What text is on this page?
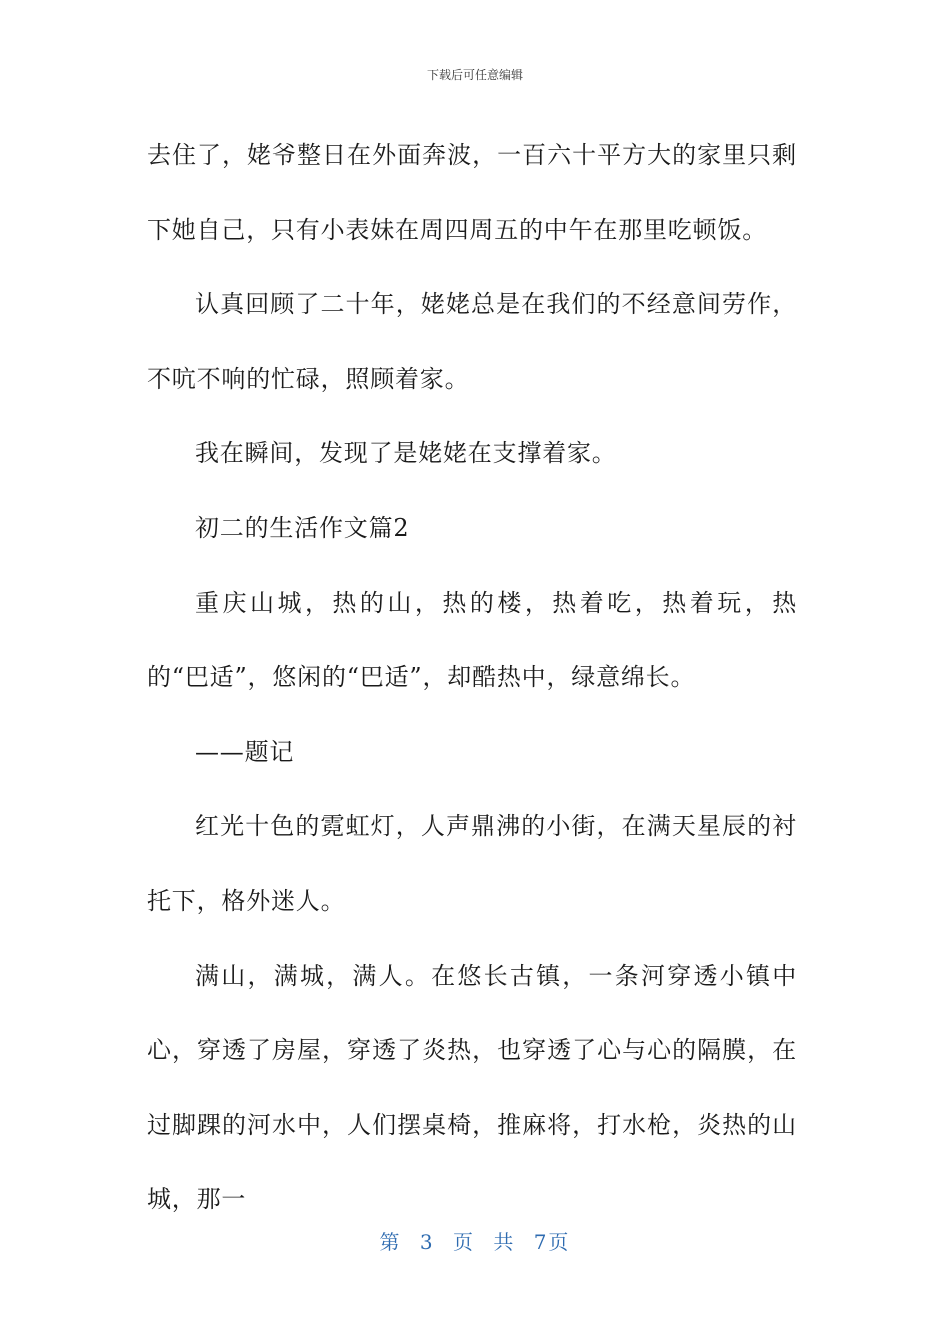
下载后可任意编辑

去住了，姥爷整日在外面奔波，一百六十平方大的家里只剩下她自己，只有小表妹在周四周五的中午在那里吃顿饭。

认真回顾了二十年，姥姥总是在我们的不经意间劳作，不吭不响的忙碌，照顾着家。

我在瞬间，发现了是姥姥在支撑着家。

初二的生活作文篇2

重庆山城，热的山，热的楼，热着吃，热着玩，热的“巴适”，悠闲的“巴适”，却酷热中，绿意绵长。

——题记

红光十色的霓虹灯，人声鼎沸的小街，在满天星辰的衬托下，格外迷人。

满山，满城，满人。在悠长古镇，一条河穿透小镇中心，穿透了房屋，穿透了炎热，也穿透了心与心的隔膜，在过脚踝的河水中，人们摆桌椅，推麻将，打水枪，炎热的山城，那一

第 3 页 共 7页
